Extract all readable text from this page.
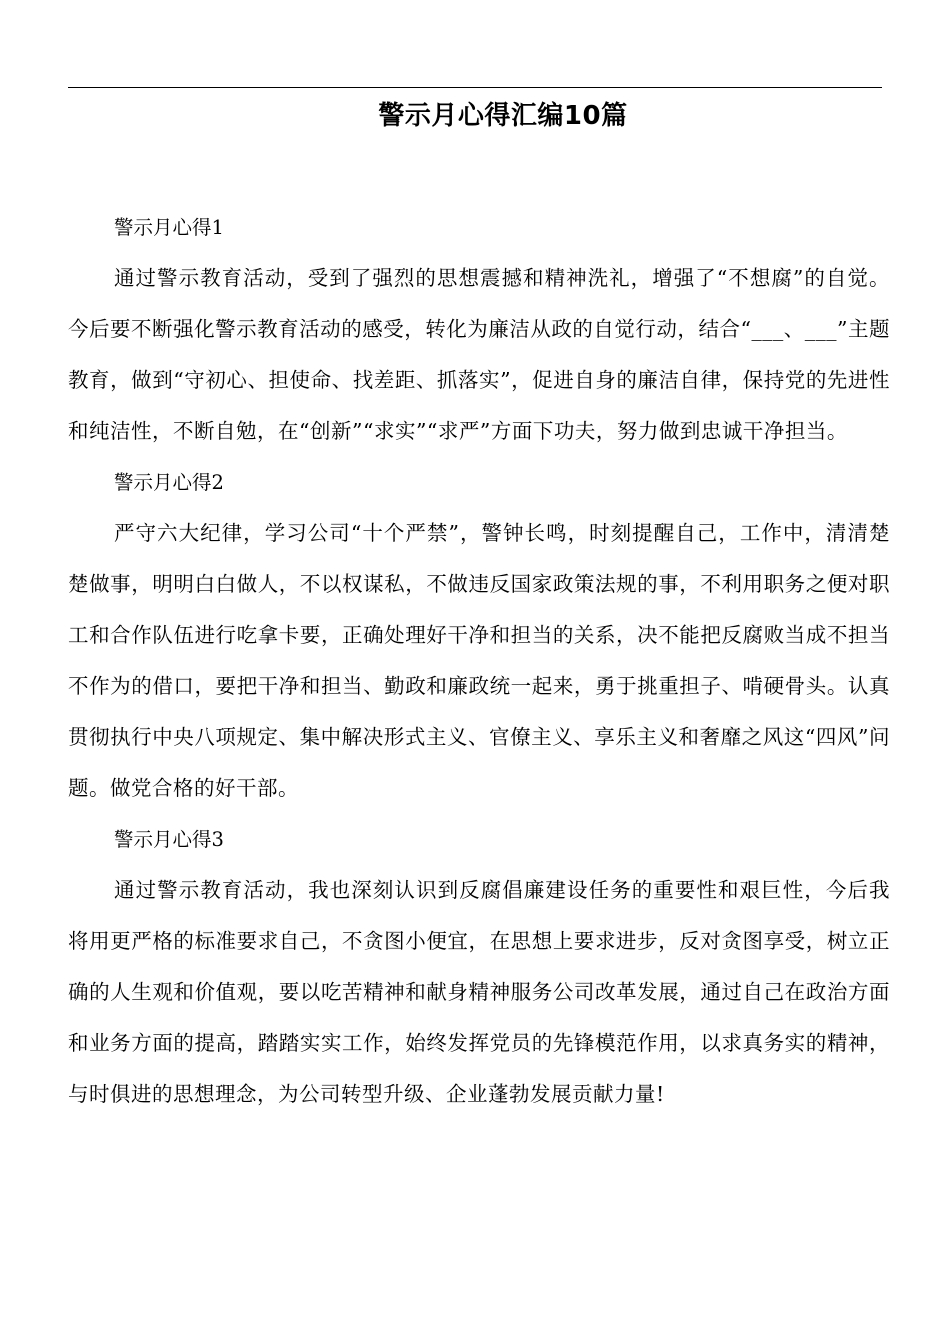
警示月心得汇编10篇

警示月心得1

通过警示教育活动，受到了强烈的思想震撼和精神洗礼，增强了“不想腐”的自觉。今后要不断强化警示教育活动的感受，转化为廉洁从政的自觉行动，结合“___、___”主题教育，做到“守初心、担使命、找差距、抓落实”，促进自身的廉洁自律，保持党的先进性和纯洁性，不断自勉，在“创新”“求实”“求严”方面下功夫，努力做到忠诚干净担当。

警示月心得2

严守六大纪律，学习公司“十个严禁”，警钟长鸣，时刻提醒自己，工作中，清清楚楚做事，明明白白做人，不以权谋私，不做违反国家政策法规的事，不利用职务之便对职工和合作队伍进行吃拿卡要，正确处理好干净和担当的关系，决不能把反腐败当成不担当不作为的借口，要把干净和担当、勤政和廉政统一起来，勇于挑重担子、啃硬骨头。认真贯彻执行中央八项规定、集中解决形式主义、官僚主义、享乐主义和奢靡之风这“四风”问题。做党合格的好干部。

警示月心得3

通过警示教育活动，我也深刻认识到反腐倡廉建设任务的重要性和艰巨性，今后我将用更严格的标准要求自己，不贪图小便宜，在思想上要求进步，反对贪图享受，树立正确的人生观和价值观，要以吃苦精神和献身精神服务公司改革发展，通过自己在政治方面和业务方面的提高，踏踏实实工作，始终发挥党员的先锋模范作用，以求真务实的精神，与时俱进的思想理念，为公司转型升级、企业蓬勃发展贡献力量!
